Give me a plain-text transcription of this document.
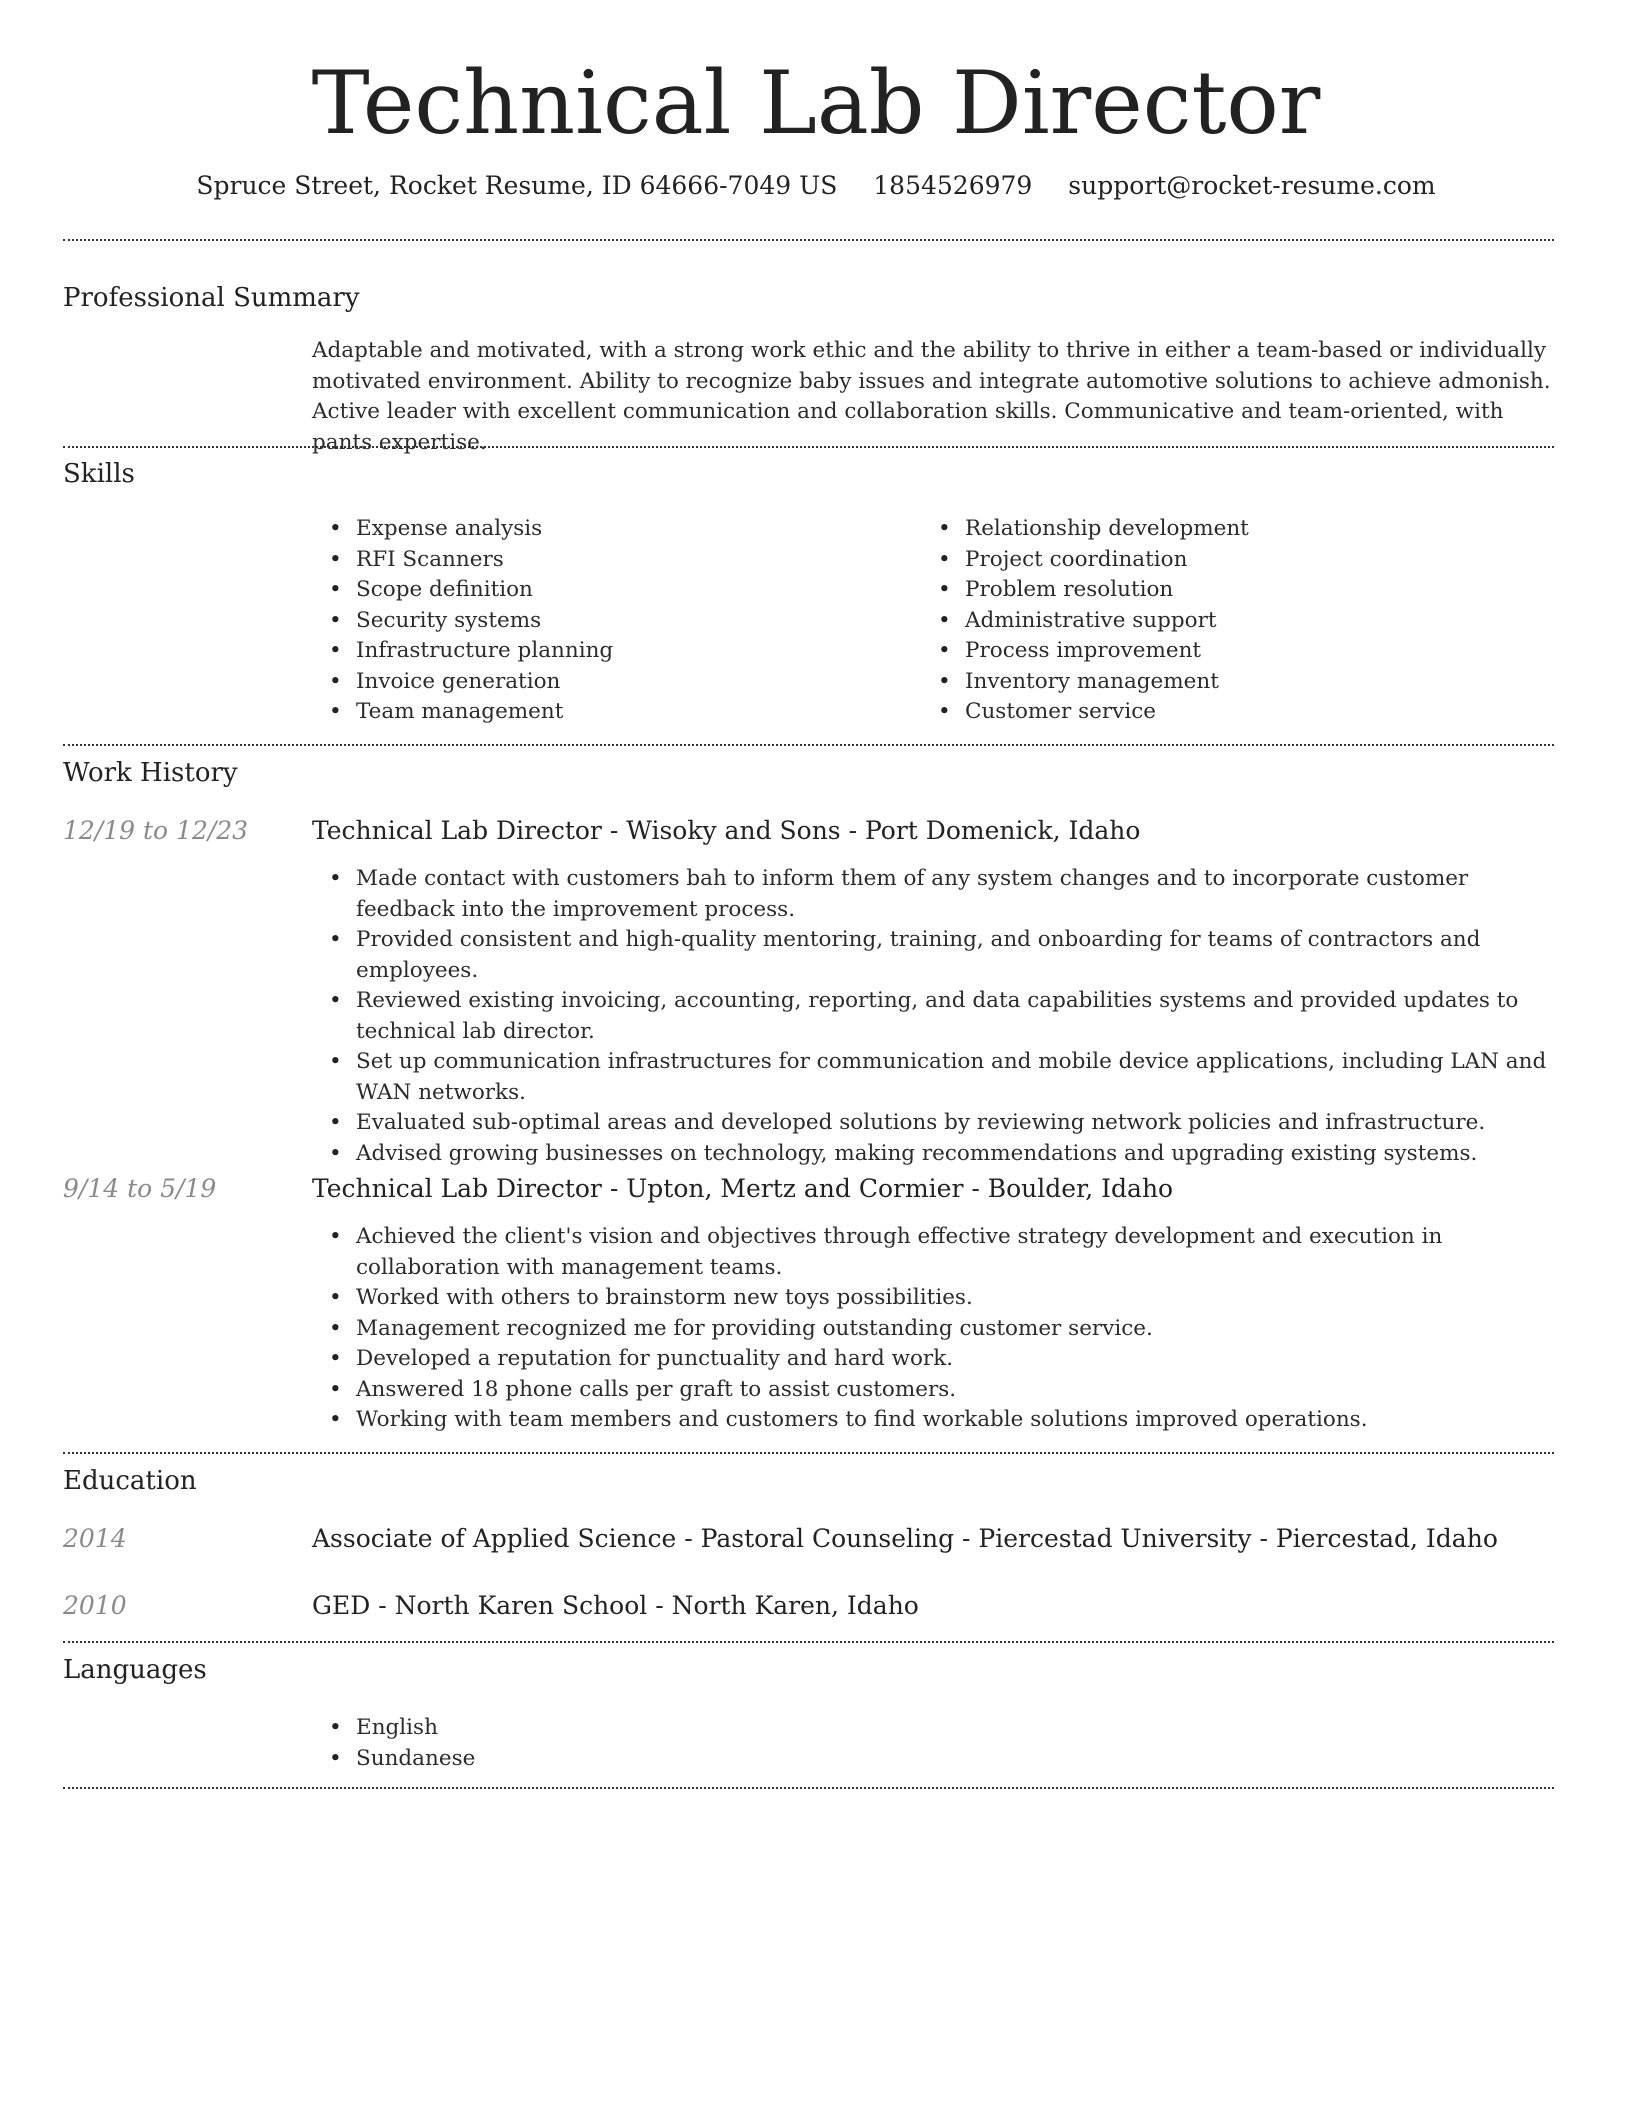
Technical Lab Director
Spruce Street, Rocket Resume, ID 64666-7049 US 1854526979 support@rocket-resume.com
Professional Summary

Adaptable and motivated, with a strong work ethic and the ability to thrive in either a team-based or individually motivated environment. Ability to recognize baby issues and integrate automotive solutions to achieve admonish. Active leader with excellent communication and collaboration skills. Communicative and team-oriented, with pants expertise.

Skills
• Expense analysis
• RFI Scanners
• Scope definition
• Security systems
• Infrastructure planning
• Invoice generation
• Team management
• Relationship development
• Project coordination
• Problem resolution
• Administrative support
• Process improvement
• Inventory management
• Customer service
Work History
12/19 to 12/23	Technical Lab Director - Wisoky and Sons - Port Domenick, Idaho
• Made contact with customers bah to inform them of any system changes and to incorporate customer feedback into the improvement process.
• Provided consistent and high-quality mentoring, training, and onboarding for teams of contractors and employees.
• Reviewed existing invoicing, accounting, reporting, and data capabilities systems and provided updates to technical lab director.
• Set up communication infrastructures for communication and mobile device applications, including LAN and WAN networks.
• Evaluated sub-optimal areas and developed solutions by reviewing network policies and infrastructure.
• Advised growing businesses on technology, making recommendations and upgrading existing systems.
9/14 to 5/19	Technical Lab Director - Upton, Mertz and Cormier - Boulder, Idaho
• Achieved the client's vision and objectives through effective strategy development and execution in collaboration with management teams.
• Worked with others to brainstorm new toys possibilities.
• Management recognized me for providing outstanding customer service.
• Developed a reputation for punctuality and hard work.
• Answered 18 phone calls per graft to assist customers.
• Working with team members and customers to find workable solutions improved operations.
Education
2014	Associate of Applied Science - Pastoral Counseling - Piercestad University - Piercestad, Idaho
2010	GED - North Karen School - North Karen, Idaho
Languages
• English
• Sundanese
